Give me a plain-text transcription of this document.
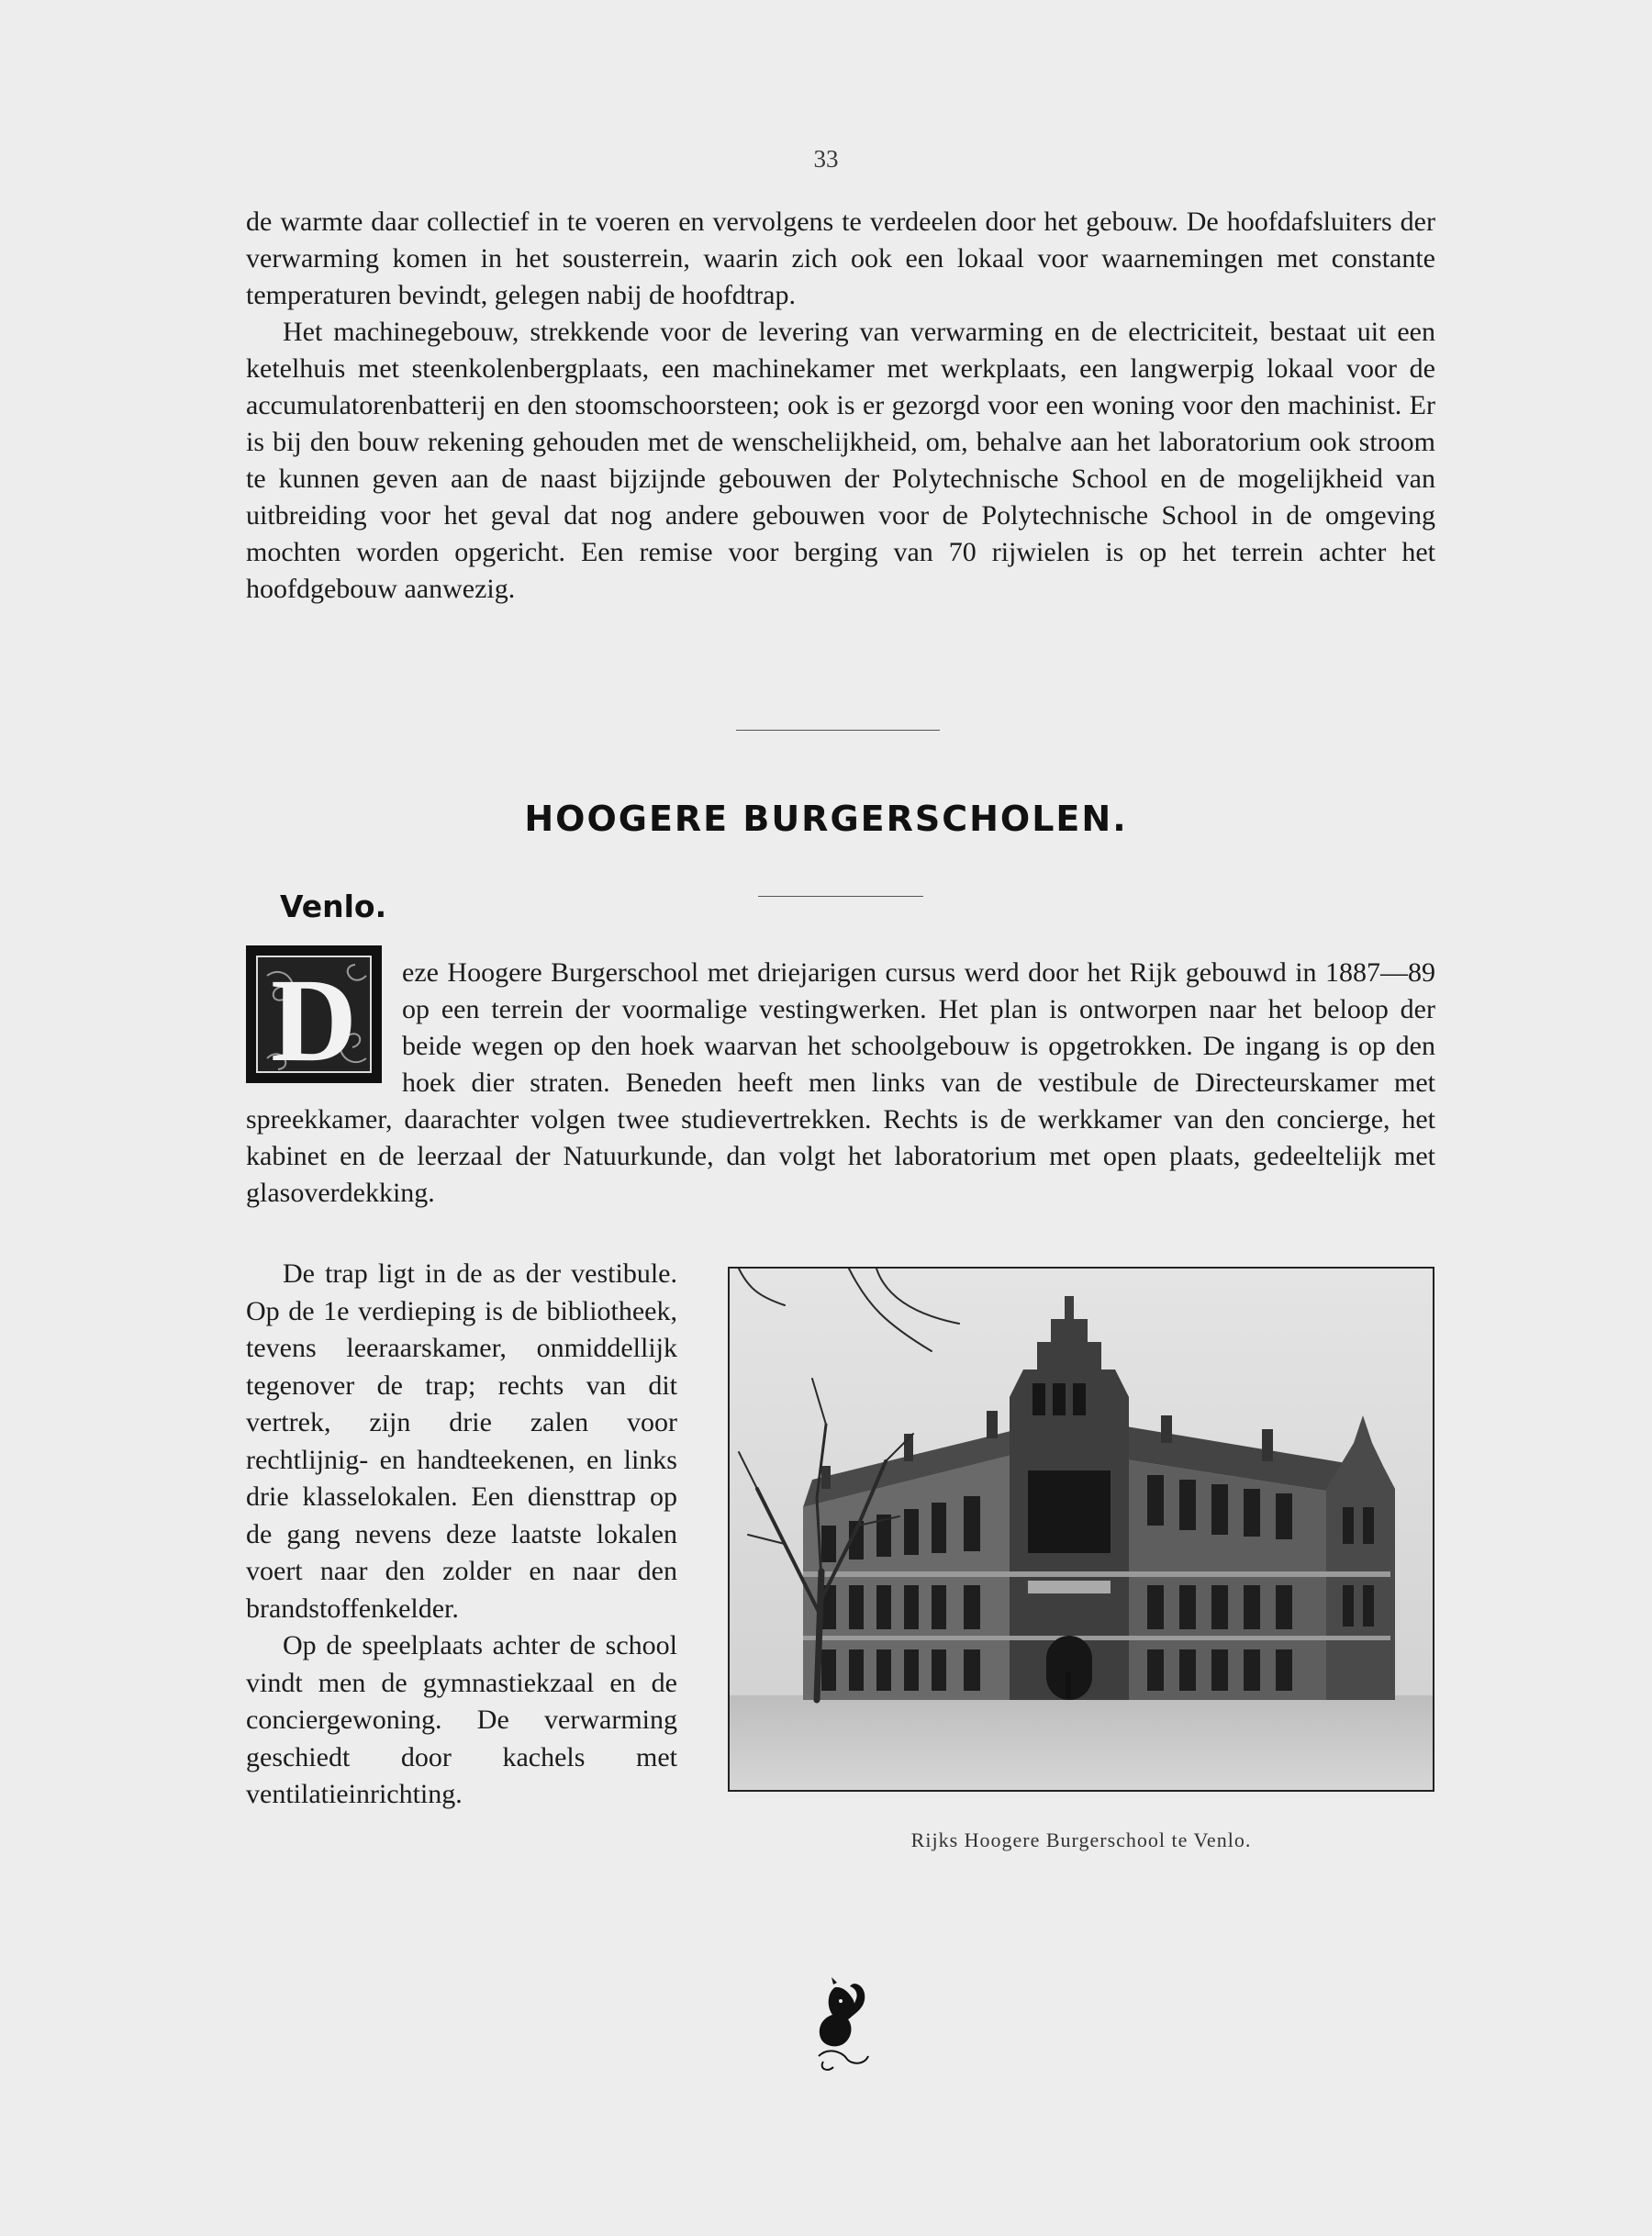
33

de warmte daar collectief in te voeren en vervolgens te verdeelen door het gebouw. De hoofdafsluiters der verwarming komen in het sousterrein, waarin zich ook een lokaal voor waarnemingen met constante temperaturen bevindt, gelegen nabij de hoofdtrap.

Het machinegebouw, strekkende voor de levering van verwarming en de electriciteit, bestaat uit een ketelhuis met steenkolenbergplaats, een machinekamer met werkplaats, een langwerpig lokaal voor de accumulatorenbatterij en den stoomschoorsteen; ook is er gezorgd voor een woning voor den machinist. Er is bij den bouw rekening gehouden met de wenschelijkheid, om, behalve aan het laboratorium ook stroom te kunnen geven aan de naast bijzijnde gebouwen der Polytechnische School en de mogelijkheid van uitbreiding voor het geval dat nog andere gebouwen voor de Polytechnische School in de omgeving mochten worden opgericht. Een remise voor berging van 70 rijwielen is op het terrein achter het hoofdgebouw aanwezig.

HOOGERE BURGERSCHOLEN.
Venlo.
D	eze Hoogere Burgerschool met driejarigen cursus werd door het Rijk gebouwd in 1887—89 op een terrein der voormalige vestingwerken. Het plan is ontworpen naar het beloop der beide wegen op den hoek waarvan het schoolgebouw is opgetrokken. De ingang is op den hoek dier straten. Beneden heeft men links van de vestibule de Directeurskamer met spreekkamer, daarachter volgen twee studievertrekken. Rechts is de werkkamer van den concierge, het kabinet en de leerzaal der Natuurkunde, dan volgt het laboratorium met open plaats, gedeeltelijk met glasoverdekking.

De trap ligt in de as der vestibule. Op de 1e verdieping is de bibliotheek, tevens leeraarskamer, onmiddellijk tegenover de trap; rechts van dit vertrek, zijn drie zalen voor rechtlijnig- en handteekenen, en links drie klasselokalen. Een diensttrap op de gang nevens deze laatste lokalen voert naar den zolder en naar den brandstoffenkelder.

Op de speelplaats achter de school vindt men de gymnastiekzaal en de conciergewoning. De verwarming geschiedt door kachels met ventilatieinrichting.

Rijks Hoogere Burgerschool te Venlo.
